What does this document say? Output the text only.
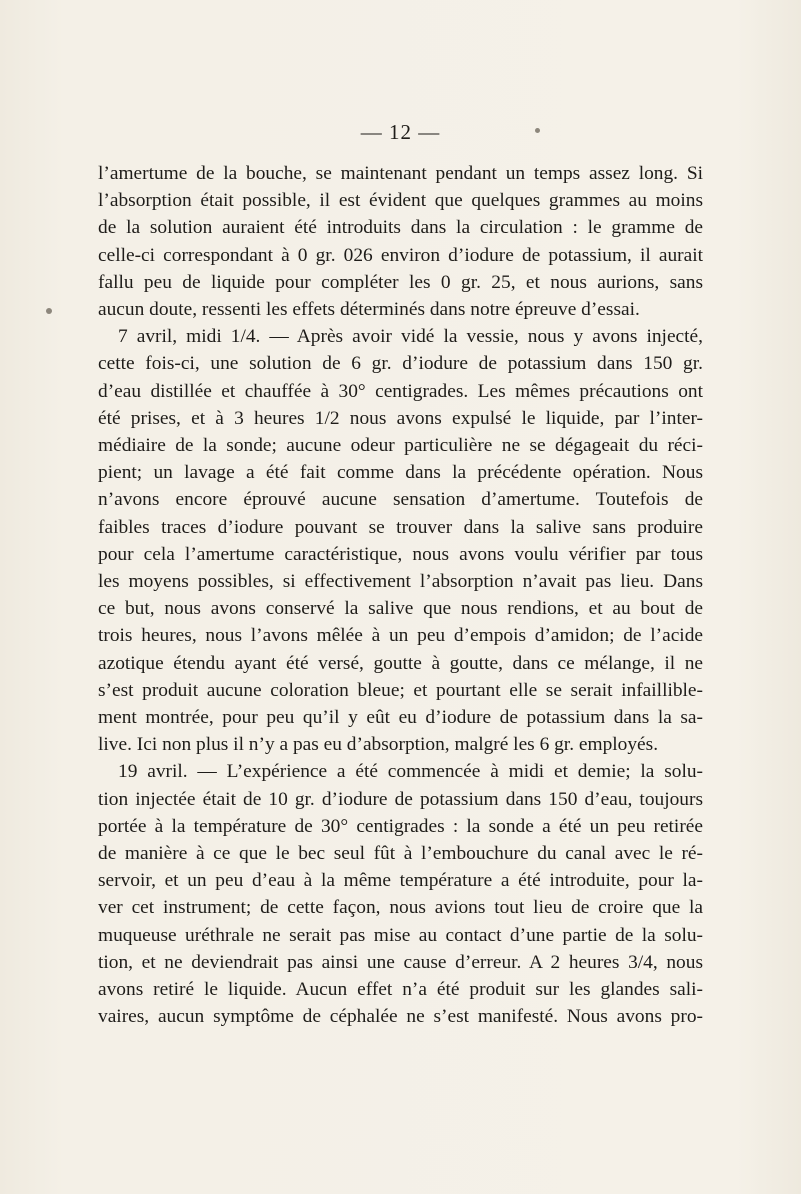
— 12 —
l’amertume de la bouche, se maintenant pendant un temps assez long. Si
l’absorption était possible, il est évident que quelques grammes au moins
de la solution auraient été introduits dans la circulation : le gramme de
celle-ci correspondant à 0 gr. 026 environ d’iodure de potassium, il aurait
fallu peu de liquide pour compléter les 0 gr. 25, et nous aurions, sans
aucun doute, ressenti les effets déterminés dans notre épreuve d’essai.
7 avril, midi 1/4. — Après avoir vidé la vessie, nous y avons injecté,
cette fois-ci, une solution de 6 gr. d’iodure de potassium dans 150 gr.
d’eau distillée et chauffée à 30° centigrades. Les mêmes précautions ont
été prises, et à 3 heures 1/2 nous avons expulsé le liquide, par l’inter-
médiaire de la sonde; aucune odeur particulière ne se dégageait du réci-
pient; un lavage a été fait comme dans la précédente opération. Nous
n’avons encore éprouvé aucune sensation d’amertume. Toutefois de
faibles traces d’iodure pouvant se trouver dans la salive sans produire
pour cela l’amertume caractéristique, nous avons voulu vérifier par tous
les moyens possibles, si effectivement l’absorption n’avait pas lieu. Dans
ce but, nous avons conservé la salive que nous rendions, et au bout de
trois heures, nous l’avons mêlée à un peu d’empois d’amidon; de l’acide
azotique étendu ayant été versé, goutte à goutte, dans ce mélange, il ne
s’est produit aucune coloration bleue; et pourtant elle se serait infaillible-
ment montrée, pour peu qu’il y eût eu d’iodure de potassium dans la sa-
live. Ici non plus il n’y a pas eu d’absorption, malgré les 6 gr. employés.
19 avril. — L’expérience a été commencée à midi et demie; la solu-
tion injectée était de 10 gr. d’iodure de potassium dans 150 d’eau, toujours
portée à la température de 30° centigrades : la sonde a été un peu retirée
de manière à ce que le bec seul fût à l’embouchure du canal avec le ré-
servoir, et un peu d’eau à la même température a été introduite, pour la-
ver cet instrument; de cette façon, nous avions tout lieu de croire que la
muqueuse uréthrale ne serait pas mise au contact d’une partie de la solu-
tion, et ne deviendrait pas ainsi une cause d’erreur. A 2 heures 3/4, nous
avons retiré le liquide. Aucun effet n’a été produit sur les glandes sali-
vaires, aucun symptôme de céphalée ne s’est manifesté. Nous avons pro-
